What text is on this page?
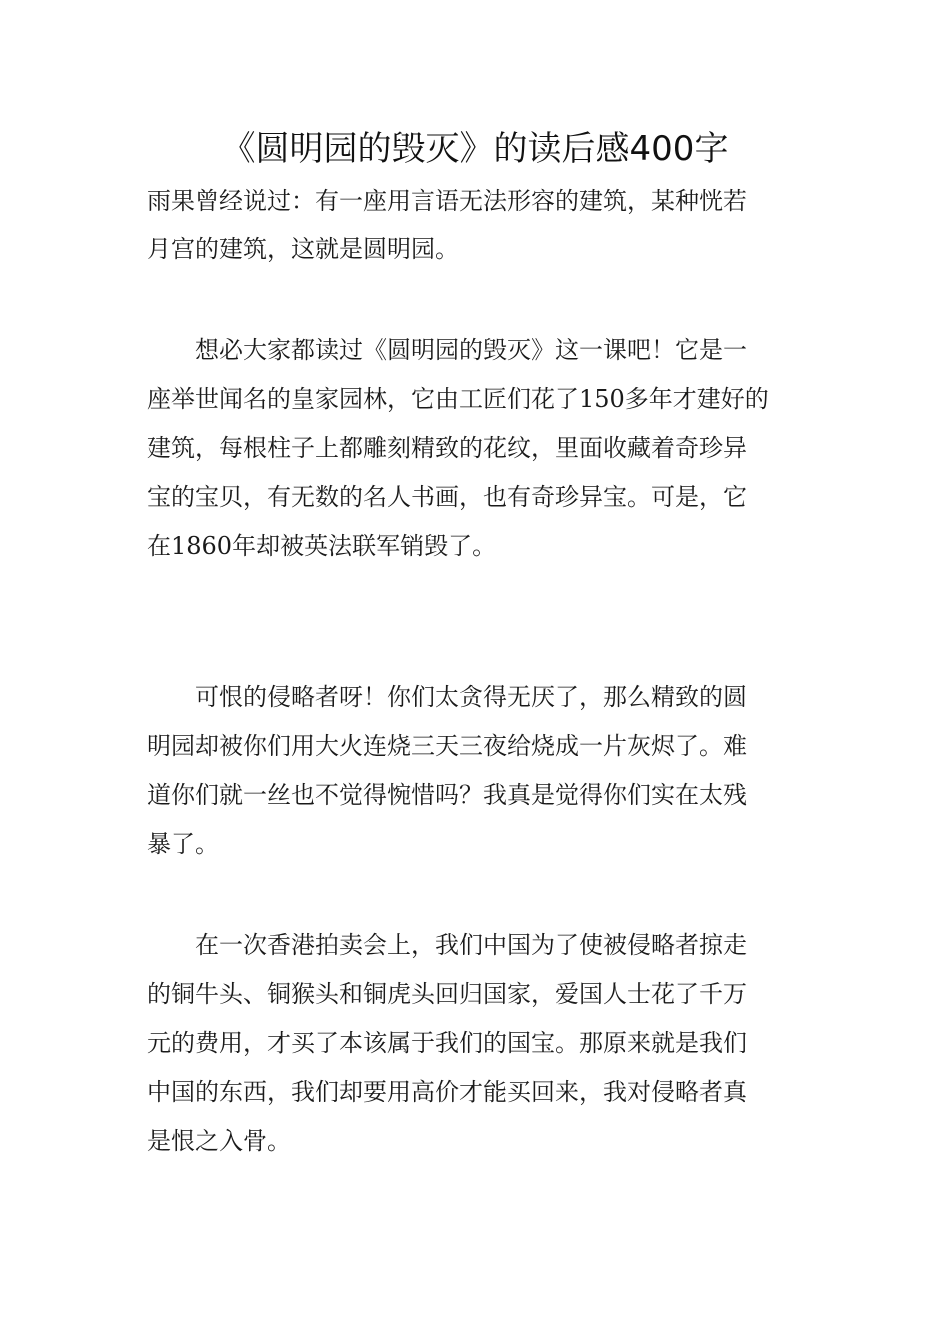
《圆明园的毁灭》的读后感400字
雨果曾经说过：有一座用言语无法形容的建筑，某种恍若
月宫的建筑，这就是圆明园。
　　想必大家都读过《圆明园的毁灭》这一课吧！它是一
座举世闻名的皇家园林，它由工匠们花了150多年才建好的
建筑，每根柱子上都雕刻精致的花纹，里面收藏着奇珍异
宝的宝贝，有无数的名人书画，也有奇珍异宝。可是，它
在1860年却被英法联军销毁了。
　　可恨的侵略者呀！你们太贪得无厌了，那么精致的圆
明园却被你们用大火连烧三天三夜给烧成一片灰烬了。难
道你们就一丝也不觉得惋惜吗？我真是觉得你们实在太残
暴了。
　　在一次香港拍卖会上，我们中国为了使被侵略者掠走
的铜牛头、铜猴头和铜虎头回归国家，爱国人士花了千万
元的费用，才买了本该属于我们的国宝。那原来就是我们
中国的东西，我们却要用高价才能买回来，我对侵略者真
是恨之入骨。
